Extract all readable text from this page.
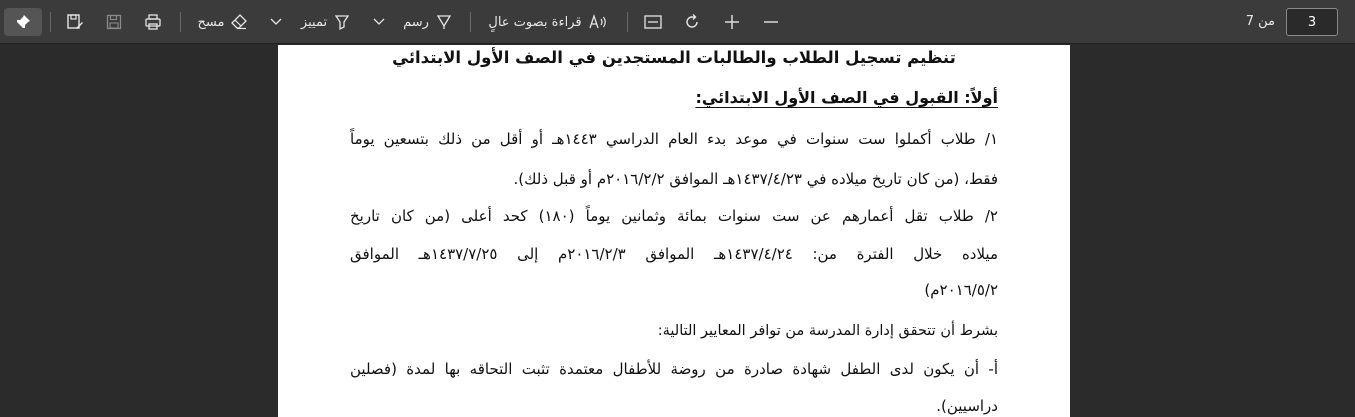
مسح	تمييز	رسم	قراءة بصوت عالٍ	من 7	3
تنظيم تسجيل الطلاب والطالبات المستجدين في الصف الأول الابتدائي
أولاً: القبول في الصف الأول الابتدائي:
١/ طلاب أكملوا ست سنوات في موعد بدء العام الدراسي ١٤٤٣هـ أو أقل من ذلك بتسعين يوماً
فقط، (من كان تاريخ ميلاده في ١٤٣٧/٤/٢٣هـ الموافق ٢٠١٦/٢/٢م أو قبل ذلك).
٢/ طلاب تقل أعمارهم عن ست سنوات بمائة وثمانين يوماً (١٨٠) كحد أعلى (من كان تاريخ
ميلاده خلال الفترة من: ١٤٣٧/٤/٢٤هـ الموافق ٢٠١٦/٢/٣م إلى ١٤٣٧/٧/٢٥هـ الموافق
٢٠١٦/٥/٢م)
بشرط أن تتحقق إدارة المدرسة من توافر المعايير التالية:
أ- أن يكون لدى الطفل شهادة صادرة من روضة للأطفال معتمدة تثبت التحاقه بها لمدة (فصلين
دراسيين).
